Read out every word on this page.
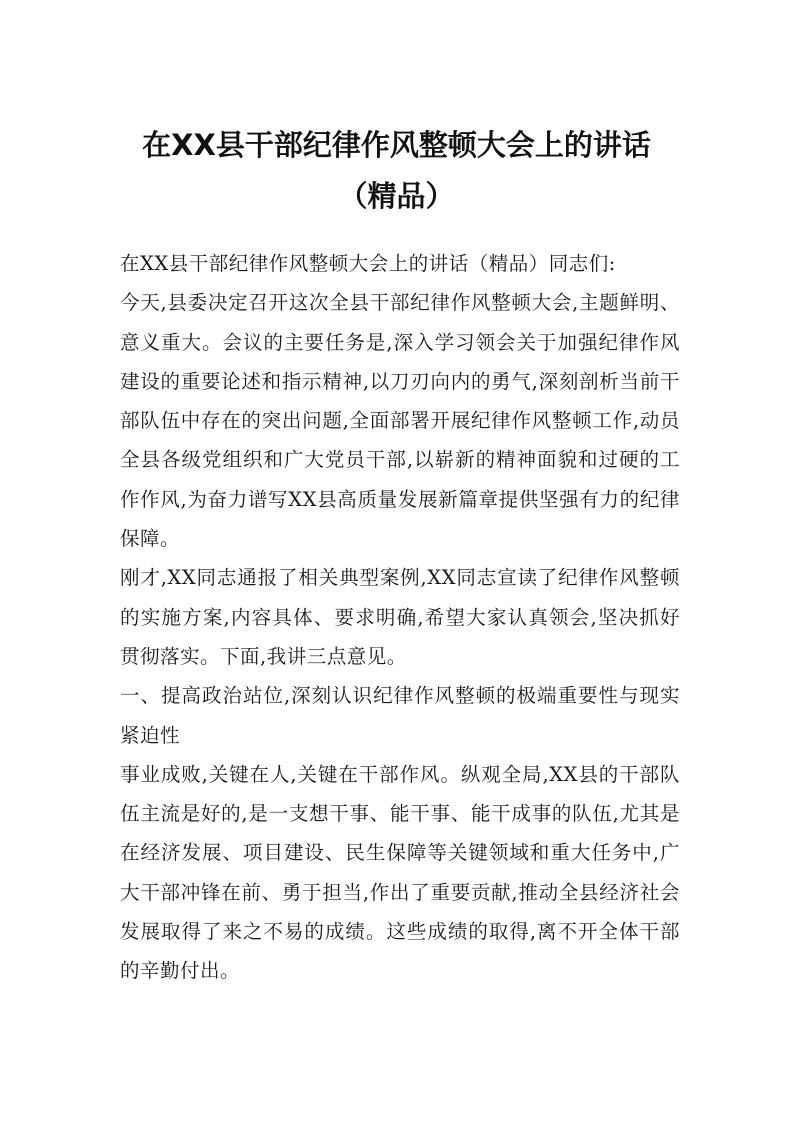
在XX县干部纪律作风整顿大会上的讲话
（精品）

在XX县干部纪律作风整顿大会上的讲话（精品）同志们:

今天,县委决定召开这次全县干部纪律作风整顿大会,主题鲜明、意义重大。会议的主要任务是,深入学习领会关于加强纪律作风建设的重要论述和指示精神,以刀刃向内的勇气,深刻剖析当前干部队伍中存在的突出问题,全面部署开展纪律作风整顿工作,动员全县各级党组织和广大党员干部,以崭新的精神面貌和过硬的工作作风,为奋力谱写XX县高质量发展新篇章提供坚强有力的纪律保障。

刚才,XX同志通报了相关典型案例,XX同志宣读了纪律作风整顿的实施方案,内容具体、要求明确,希望大家认真领会,坚决抓好贯彻落实。下面,我讲三点意见。

一、提高政治站位,深刻认识纪律作风整顿的极端重要性与现实紧迫性

事业成败,关键在人,关键在干部作风。纵观全局,XX县的干部队伍主流是好的,是一支想干事、能干事、能干成事的队伍,尤其是在经济发展、项目建设、民生保障等关键领域和重大任务中,广大干部冲锋在前、勇于担当,作出了重要贡献,推动全县经济社会发展取得了来之不易的成绩。这些成绩的取得,离不开全体干部的辛勤付出。
